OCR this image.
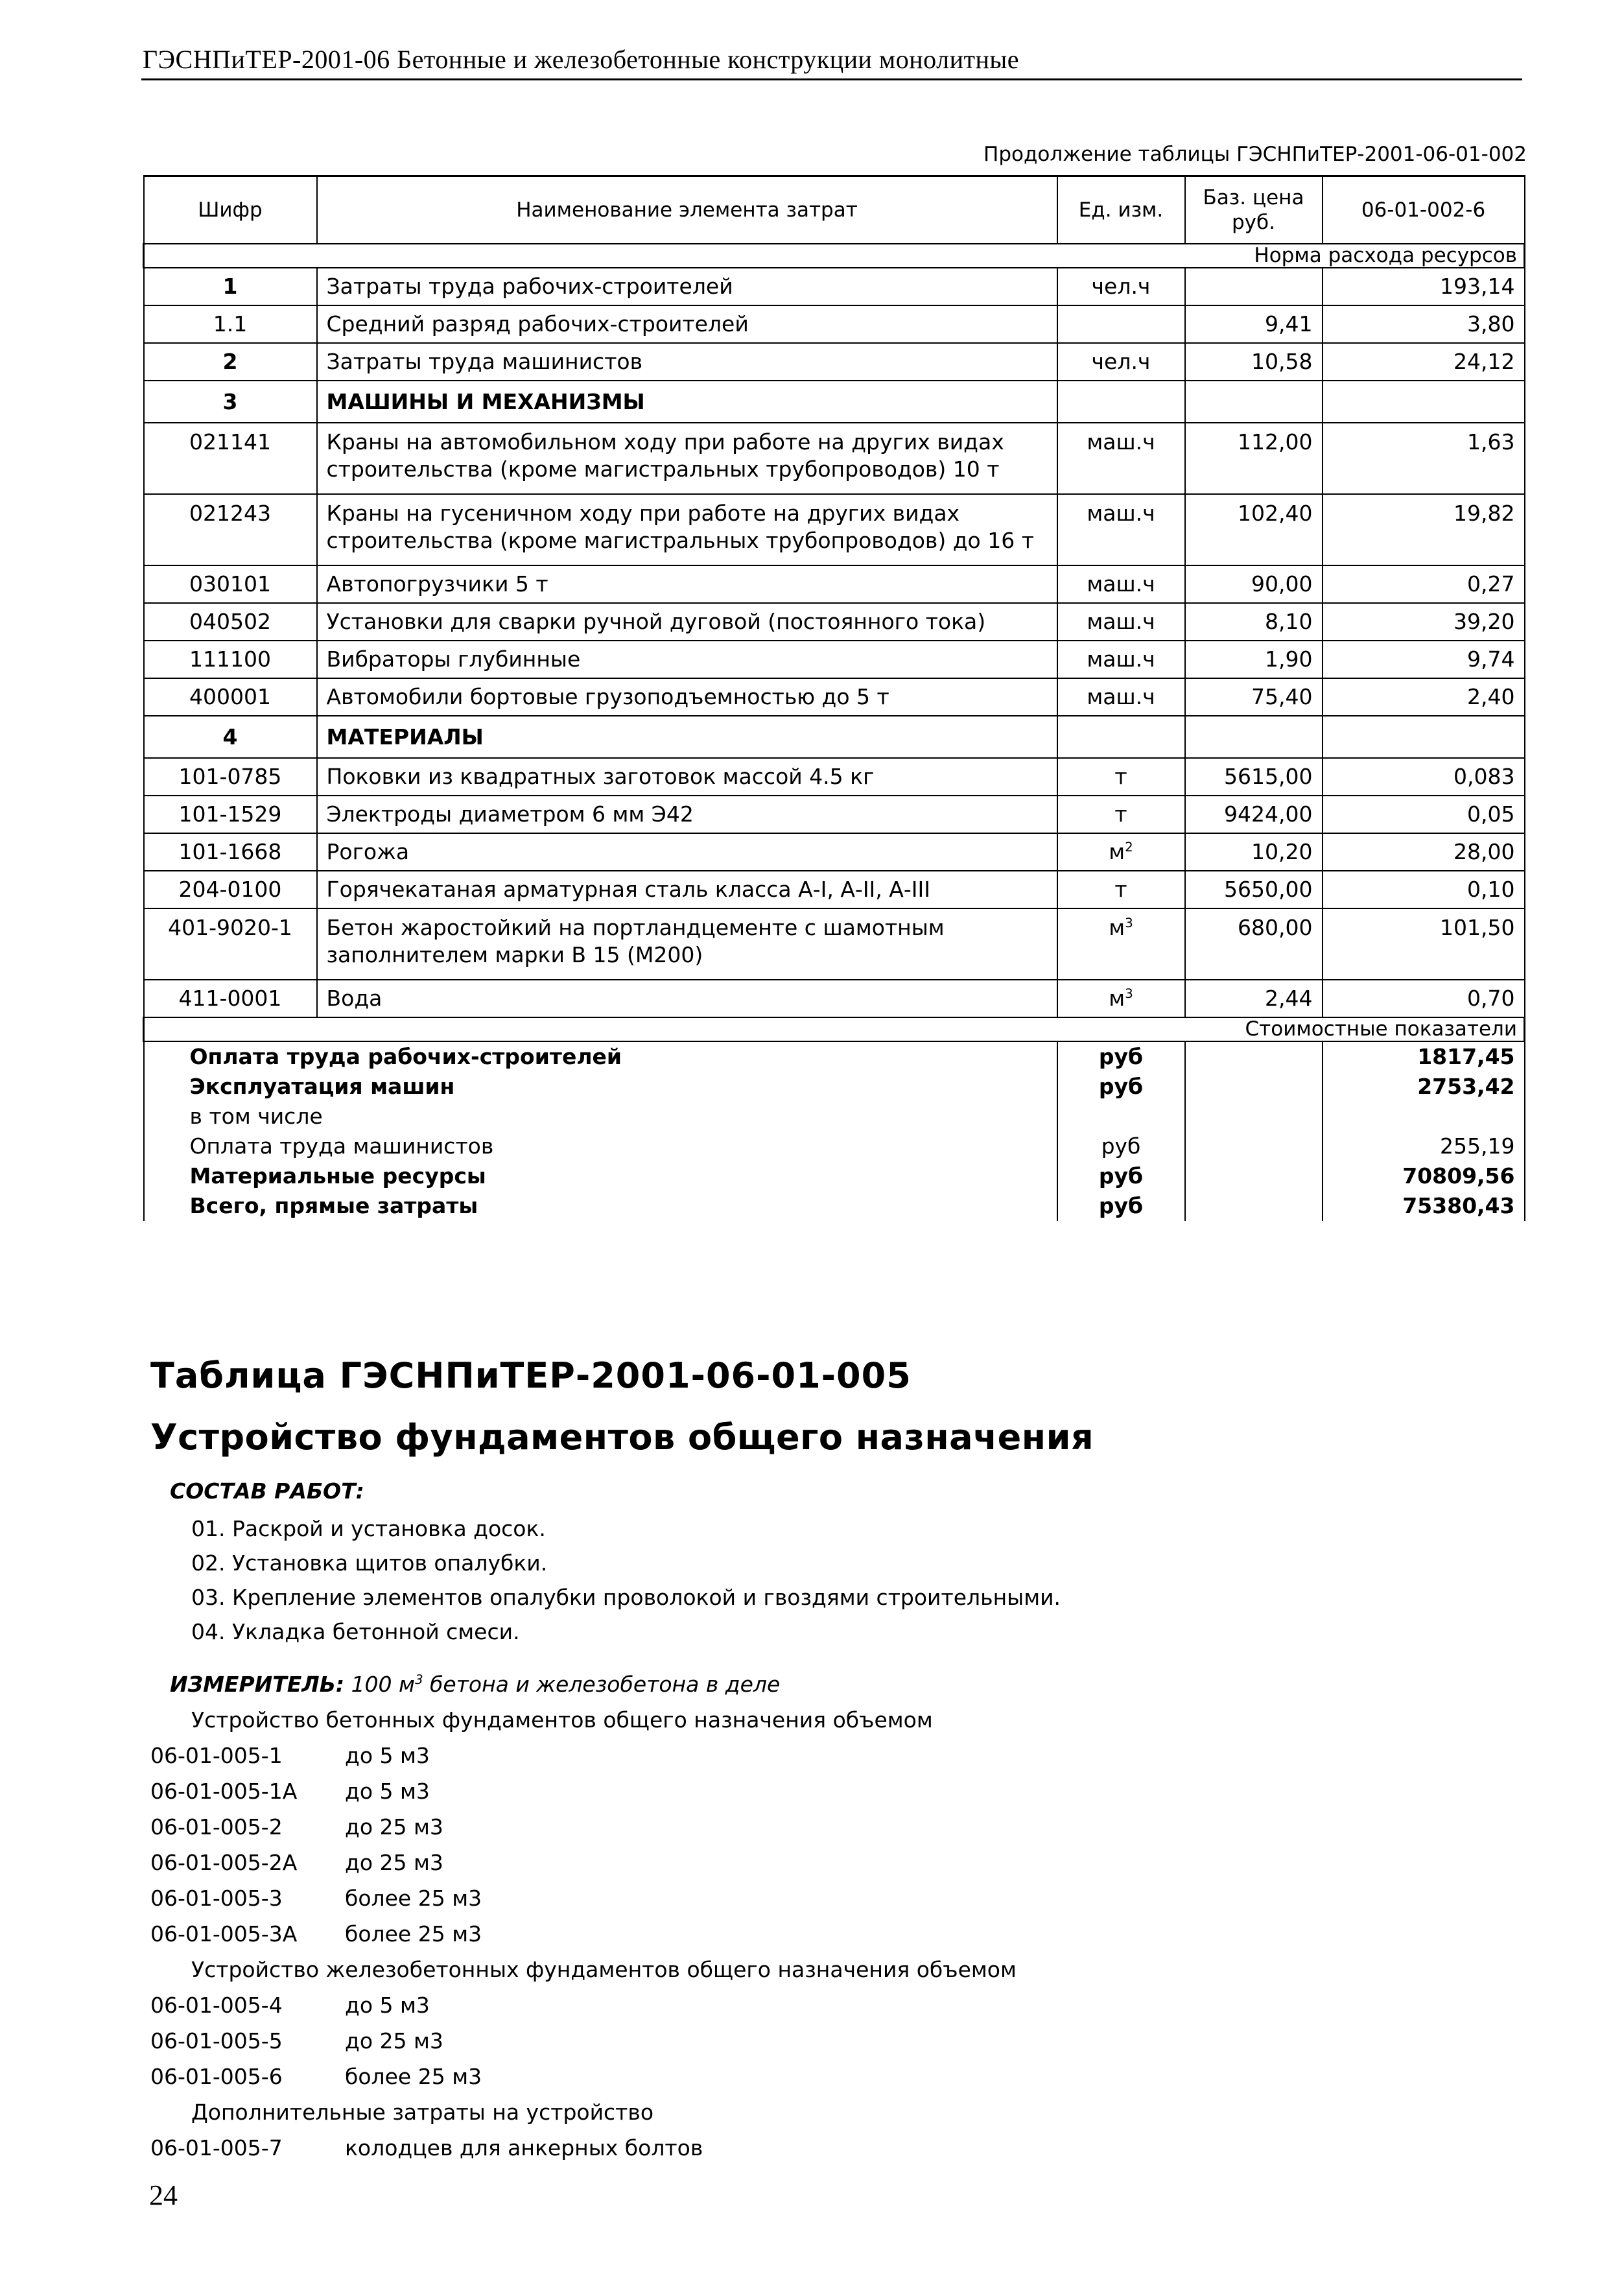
ГЭСНПиТЕР-2001-06 Бетонные и железобетонные конструкции монолитные
Продолжение таблицы ГЭСНПиТЕР-2001-06-01-002
Шифр	Наименование элемента затрат	Ед. изм.	Баз. цена руб.	06-01-002-6
Норма расхода ресурсов				
1	Затраты труда рабочих-строителей	чел.ч		193,14
1.1	Средний разряд рабочих-строителей		9,41	3,80
2	Затраты труда машинистов	чел.ч	10,58	24,12
3	МАШИНЫ И МЕХАНИЗМЫ			
021141	Краны на автомобильном ходу при работе на других видах строительства (кроме магистральных трубопроводов) 10 т	маш.ч	112,00	1,63
021243	Краны на гусеничном ходу при работе на других видах строительства (кроме магистральных трубопроводов) до 16 т	маш.ч	102,40	19,82
030101	Автопогрузчики 5 т	маш.ч	90,00	0,27
040502	Установки для сварки ручной дуговой (постоянного тока)	маш.ч	8,10	39,20
111100	Вибраторы глубинные	маш.ч	1,90	9,74
400001	Автомобили бортовые грузоподъемностью до 5 т	маш.ч	75,40	2,40
4	МАТЕРИАЛЫ			
101-0785	Поковки из квадратных заготовок массой 4.5 кг	т	5615,00	0,083
101-1529	Электроды диаметром 6 мм Э42	т	9424,00	0,05
101-1668	Рогожа	$м^2$	10,20	28,00
204-0100	Горячекатаная арматурная сталь класса А-I, А-II, А-III	т	5650,00	0,10
401-9020-1	Бетон жаростойкий на портландцементе с шамотным заполнителем марки В 15 (М200)	$м^3$	680,00	101,50
411-0001	Вода	$м^3$	2,44	0,70
Стоимостные показатели				
Оплата труда рабочих-строителей		руб		1817,45
Эксплуатация машин		руб		2753,42
в том числе				
Оплата труда машинистов		руб		255,19
Материальные ресурсы		руб		70809,56
Всего, прямые затраты		руб		75380,43
Таблица ГЭСНПиТЕР-2001-06-01-005
Устройство фундаментов общего назначения
СОСТАВ РАБОТ:
01. Раскрой и установка досок.
02. Установка щитов опалубки.
03. Крепление элементов опалубки проволокой и гвоздями строительными.
04. Укладка бетонной смеси.
ИЗМЕРИТЕЛЬ: 100 $м^3$ бетона и железобетона в деле
Устройство бетонных фундаментов общего назначения объемом
06-01-005-1	до 5 м3
06-01-005-1А до 5 м3
06-01-005-2	до 25 м3
06-01-005-2А до 25 м3
06-01-005-3	более 25 м3
06-01-005-3А более 25 м3
Устройство железобетонных фундаментов общего назначения объемом
06-01-005-4	до 5 м3
06-01-005-5	до 25 м3
06-01-005-6	более 25 м3
Дополнительные затраты на устройство
06-01-005-7	колодцев для анкерных болтов
24
